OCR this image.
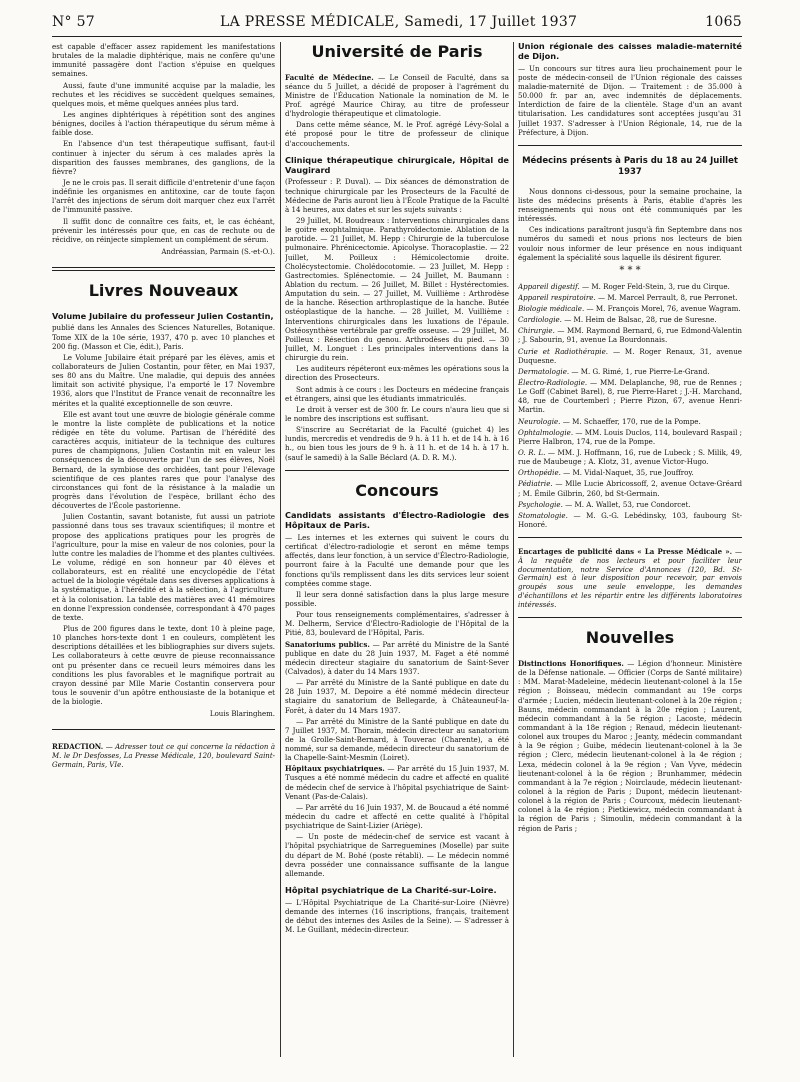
N° 57	LA PRESSE MÉDICALE, Samedi, 17 Juillet 1937	1065

est capable d'effacer assez rapidement les manifestations brutales de la maladie diphtérique, mais ne confère qu'une immunité passagère dont l'action s'épuise en quelques semaines.

Aussi, faute d'une immunité acquise par la maladie, les rechutes et les récidives se succèdent quelques semaines, quelques mois, et même quelques années plus tard.

Les angines diphtériques à répétition sont des angines bénignes, dociles à l'action thérapeutique du sérum même à faible dose.

En l'absence d'un test thérapeutique suffisant, faut-il continuer à injecter du sérum à ces malades après la disparition des fausses membranes, des ganglions, de la fièvre?

Je ne le crois pas. Il serait difficile d'entretenir d'une façon indéfinie les organismes en antitoxine, car de toute façon l'arrêt des injections de sérum doit marquer chez eux l'arrêt de l'immunité passive.

Il suffit donc de connaître ces faits, et, le cas échéant, prévenir les intéressés pour que, en cas de rechute ou de récidive, on réinjecte simplement un complément de sérum.

Andréassian, Parmain (S.-et-O.).
Livres Nouveaux
Volume Jubilaire du professeur Julien Costantin,

publié dans les Annales des Sciences Naturelles, Botanique. Tome XIX de la 10e série, 1937, 470 p. avec 10 planches et 200 fig. (Masson et Cie, édit.), Paris.

Le Volume Jubilaire était préparé par les élèves, amis et collaborateurs de Julien Costantin, pour fêter, en Mai 1937, ses 80 ans du Maître. Une maladie, qui depuis des années limitait son activité physique, l'a emporté le 17 Novembre 1936, alors que l'Institut de France venait de reconnaître les mérites et la qualité exceptionnelle de son œuvre.

Elle est avant tout une œuvre de biologie générale comme le montre la liste complète de publications et la notice rédigée en tête du volume. Partisan de l'hérédité des caractères acquis, initiateur de la technique des cultures pures de champignons, Julien Costantin mit en valeur les conséquences de la découverte par l'un de ses élèves, Noël Bernard, de la symbiose des orchidées, tant pour l'élevage scientifique de ces plantes rares que pour l'analyse des circonstances qui font de la résistance à la maladie un progrès dans l'évolution de l'espèce, brillant écho des découvertes de l'École pastorienne.

Julien Costantin, savant botaniste, fut aussi un patriote passionné dans tous ses travaux scientifiques; il montre et propose des applications pratiques pour les progrès de l'agriculture, pour la mise en valeur de nos colonies, pour la lutte contre les maladies de l'homme et des plantes cultivées. Le volume, rédigé en son honneur par 40 élèves et collaborateurs, est en réalité une encyclopédie de l'état actuel de la biologie végétale dans ses diverses applications à la systématique, à l'hérédité et à la sélection, à l'agriculture et à la colonisation. La table des matières avec 41 mémoires en donne l'expression condensée, correspondant à 470 pages de texte.

Plus de 200 figures dans le texte, dont 10 à pleine page, 10 planches hors-texte dont 1 en couleurs, complètent les descriptions détaillées et les bibliographies sur divers sujets. Les collaborateurs à cette œuvre de pieuse reconnaissance ont pu présenter dans ce recueil leurs mémoires dans les conditions les plus favorables et le magnifique portrait au crayon dessiné par Mlle Marie Costantin conservera pour tous le souvenir d'un apôtre enthousiaste de la botanique et de la biologie.

Louis Blaringhem.
REDACTION. — Adresser tout ce qui concerne la rédaction à M. le Dr Desfosses, La Presse Médicale, 120, boulevard Saint-Germain, Paris, VIe.
Université de Paris

Faculté de Médecine. — Le Conseil de Faculté, dans sa séance du 5 Juillet, a décidé de proposer à l'agrément du Ministre de l'Éducation Nationale la nomination de M. le Prof. agrégé Maurice Chiray, au titre de professeur d'hydrologie thérapeutique et climatologie.

Dans cette même séance, M. le Prof. agrégé Lévy-Solal a été proposé pour le titre de professeur de clinique d'accouchements.

Clinique thérapeutique chirurgicale, Hôpital de Vaugirard

(Professeur : P. Duval). — Dix séances de démonstration de technique chirurgicale par les Prosecteurs de la Faculté de Médecine de Paris auront lieu à l'École Pratique de la Faculté à 14 heures, aux dates et sur les sujets suivants :

29 Juillet, M. Boudreaux : Interventions chirurgicales dans le goitre exophtalmique. Parathyroïdectomie. Ablation de la parotide. — 21 Juillet, M. Hepp : Chirurgie de la tuberculose pulmonaire. Phrénicectomie. Apicolyse. Thoracoplastie. — 22 Juillet, M. Poilleux : Hémicolectomie droite. Cholécystectomie. Cholédocotomie. — 23 Juillet, M. Hepp : Gastrectomies. Splénectomie. — 24 Juillet, M. Baumann : Ablation du rectum. — 26 Juillet, M. Billet : Hystérectomies. Amputation du sein. — 27 Juillet, M. Vuillième : Arthrodèse de la hanche. Résection arthroplastique de la hanche. Butée ostéoplastique de la hanche. — 28 Juillet, M. Vuillième : Interventions chirurgicales dans les luxations de l'épaule. Ostéosynthèse vertébrale par greffe osseuse. — 29 Juillet, M. Poilleux : Résection du genou. Arthrodèses du pied. — 30 Juillet, M. Longuet : Les principales interventions dans la chirurgie du rein.

Les auditeurs répéteront eux-mêmes les opérations sous la direction des Prosecteurs.

Sont admis à ce cours : les Docteurs en médecine français et étrangers, ainsi que les étudiants immatriculés.

Le droit à verser est de 300 fr. Le cours n'aura lieu que si le nombre des inscriptions est suffisant.

S'inscrire au Secrétariat de la Faculté (guichet 4) les lundis, mercredis et vendredis de 9 h. à 11 h. et de 14 h. à 16 h., ou bien tous les jours de 9 h. à 11 h. et de 14 h. à 17 h. (sauf le samedi) à la Salle Béclard (A. D. R. M.).

Concours
Candidats assistants d'Électro-Radiologie des Hôpitaux de Paris.

— Les internes et les externes qui suivent le cours du certificat d'électro-radiologie et seront en même temps affectés, dans leur fonction, à un service d'Électro-Radiologie, pourront faire à la Faculté une demande pour que les fonctions qu'ils remplissent dans les dits services leur soient comptées comme stage.

Il leur sera donné satisfaction dans la plus large mesure possible.

Pour tous renseignements complémentaires, s'adresser à M. Delherm, Service d'Électro-Radiologie de l'Hôpital de la Pitié, 83, boulevard de l'Hôpital, Paris.

Sanatoriums publics. — Par arrêté du Ministre de la Santé publique en date du 28 Juin 1937, M. Faget a été nommé médecin directeur stagiaire du sanatorium de Saint-Sever (Calvados), à dater du 14 Mars 1937.

— Par arrêté du Ministre de la Santé publique en date du 28 Juin 1937, M. Depoire a été nommé médecin directeur stagiaire du sanatorium de Bellegarde, à Châteauneuf-la-Forêt, à dater du 14 Mars 1937.

— Par arrêté du Ministre de la Santé publique en date du 7 Juillet 1937, M. Thorain, médecin directeur au sanatorium de la Grolle-Saint-Bernard, à Touverac (Charente), a été nommé, sur sa demande, médecin directeur du sanatorium de la Chapelle-Saint-Mesmin (Loiret).

Hôpitaux psychiatriques. — Par arrêté du 15 Juin 1937, M. Tusques a été nommé médecin du cadre et affecté en qualité de médecin chef de service à l'hôpital psychiatrique de Saint-Venant (Pas-de-Calais).

— Par arrêté du 16 Juin 1937, M. de Boucaud a été nommé médecin du cadre et affecté en cette qualité à l'hôpital psychiatrique de Saint-Lizier (Ariège).

— Un poste de médecin-chef de service est vacant à l'hôpital psychiatrique de Sarreguemines (Moselle) par suite du départ de M. Bohé (poste rétabli). — Le médecin nommé devra posséder une connaissance suffisante de la langue allemande.

Hôpital psychiatrique de La Charité-sur-Loire.

— L'Hôpital Psychiatrique de La Charité-sur-Loire (Nièvre) demande des internes (16 inscriptions, français, traitement de début des internes des Asiles de la Seine). — S'adresser à M. Le Guillant, médecin-directeur.

Union régionale des caisses maladie-maternité de Dijon.

— Un concours sur titres aura lieu prochainement pour le poste de médecin-conseil de l'Union régionale des caisses maladie-maternité de Dijon. — Traitement : de 35.000 à 50.000 fr. par an, avec indemnités de déplacements. Interdiction de faire de la clientèle. Stage d'un an avant titularisation. Les candidatures sont acceptées jusqu'au 31 Juillet 1937. S'adresser à l'Union Régionale, 14, rue de la Préfecture, à Dijon.

Médecins présents à Paris du 18 au 24 Juillet 1937

Nous donnons ci-dessous, pour la semaine prochaine, la liste des médecins présents à Paris, établie d'après les renseignements qui nous ont été communiqués par les intéressés.

Ces indications paraîtront jusqu'à fin Septembre dans nos numéros du samedi et nous prions nos lecteurs de bien vouloir nous informer de leur présence en nous indiquant également la spécialité sous laquelle ils désirent figurer.

* * *

Appareil digestif. — M. Roger Feld-Stein, 3, rue du Cirque.

Appareil respiratoire. — M. Marcel Perrault, 8, rue Perronet.

Biologie médicale. — M. François Morel, 76, avenue Wagram.

Cardiologie. — M. Heim de Balsac, 28, rue de Suresne.

Chirurgie. — MM. Raymond Bernard, 6, rue Edmond-Valentin ; J. Sabourin, 91, avenue La Bourdonnais.

Curie et Radiothérapie. — M. Roger Renaux, 31, avenue Duquesne.

Dermatologie. — M. G. Rimé, 1, rue Pierre-Le-Grand.

Électro-Radiologie. — MM. Delaplanche, 98, rue de Rennes ; Le Goff (Cabinet Barel), 8, rue Pierre-Haret ; J.-H. Marchand, 48, rue de Courtemberl ; Pierre Pizon, 67, avenue Henri-Martin.

Neurologie. — M. Schaeffer, 170, rue de la Pompe.

Ophtalmologie. — MM. Louis Duclos, 114, boulevard Raspail ; Pierre Halbron, 174, rue de la Pompe.

O. R. L. — MM. J. Hoffmann, 16, rue de Lubeck ; S. Milik, 49, rue de Maubeuge ; A. Klotz, 31, avenue Victor-Hugo.

Orthopédie. — M. Vidal-Naquet, 35, rue Jouffroy.

Pédiatrie. — Mlle Lucie Abricossoff, 2, avenue Octave-Gréard ; M. Émile Gilbrin, 260, bd St-Germain.

Psychologie. — M. A. Wallet, 53, rue Condorcet.

Stomatologie. — M. G.-G. Lebédinsky, 103, faubourg St-Honoré.

Encartages de publicité dans « La Presse Médicale ». — À la requête de nos lecteurs et pour faciliter leur documentation, notre Service d'Annonces (120, Bd. St-Germain) est à leur disposition pour recevoir, par envois groupés sous une seule enveloppe, les demandes d'échantillons et les répartir entre les différents laboratoires intéressés.
Nouvelles

Distinctions Honorifiques. — Légion d'honneur. Ministère de la Défense nationale. — Officier (Corps de Santé militaire) : MM. Marat-Madeleine, médecin lieutenant-colonel à la 15e région ; Boisseau, médecin commandant au 19e corps d'armée ; Lucien, médecin lieutenant-colonel à la 20e région ; Bauns, médecin commandant à la 20e région ; Laurent, médecin commandant à la 5e région ; Lacoste, médecin commandant à la 18e région ; Renaud, médecin lieutenant-colonel aux troupes du Maroc ; Jeanty, médecin commandant à la 9e région ; Guibe, médecin lieutenant-colonel à la 3e région ; Clerc, médecin lieutenant-colonel à la 4e région ; Lexa, médecin colonel à la 9e région ; Van Vyve, médecin lieutenant-colonel à la 6e région ; Brunhammer, médecin commandant à la 7e région ; Noirclaude, médecin lieutenant-colonel à la région de Paris ; Dupont, médecin lieutenant-colonel à la région de Paris ; Courcoux, médecin lieutenant-colonel à la 4e région ; Pietkiewicz, médecin commandant à la région de Paris ; Simoulin, médecin commandant à la région de Paris ;
